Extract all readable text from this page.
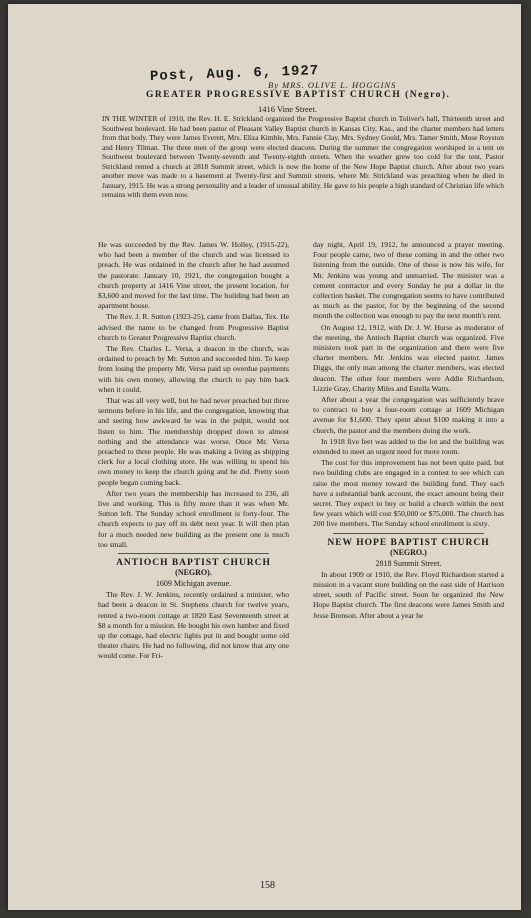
Post, Aug. 6, 1927
By MRS. OLIVE L. HOGGINS
GREATER PROGRESSIVE BAPTIST CHURCH (Negro).
1416 Vine Street.

IN THE WINTER of 1910, the Rev. H. E. Strickland organized the Progressive Baptist church in Toliver's hall, Thirteenth street and Southwest boulevard. He had been pastor of Pleasant Valley Baptist church in Kansas City, Kas., and the charter members had letters from that body. They were James Everett, Mrs. Eliza Kimble, Mrs. Fannie Clay, Mrs. Sydney Gould, Mrs. Tamer Smith, Mose Royston and Henry Tilman. The three men of the group were elected deacons. During the summer the congregation worshiped in a tent on Southwest boulevard between Twenty-seventh and Twenty-eighth streets. When the weather grew too cold for the tent, Pastor Strickland rented a church at 2818 Summit street, which is now the home of the New Hope Baptist church. After about two years another move was made to a basement at Twenty-first and Summit streets, where Mr. Strickland was preaching when he died in January, 1915. He was a strong personality and a leader of unusual ability. He gave to his people a high standard of Christian life which remains with them even now.

He was succeeded by the Rev. James W. Holley, (1915-22), who had been a member of the church and was licensed to preach. He was ordained in the church after he had assumed the pastorate. January 10, 1921, the congregation bought a church property at 1416 Vine street, the present location, for $3,600 and moved for the last time. The building had been an apartment house.

The Rev. J. R. Sutton (1923-25), came from Dallas, Tex. He advised the name to be changed from Progressive Baptist church to Greater Progressive Baptist church.

The Rev. Charles L. Versa, a deacon in the church, was ordained to preach by Mr. Sutton and succeeded him. To keep from losing the property Mr. Versa paid up overdue payments with his own money, allowing the church to pay him back when it could.

That was all very well, but he had never preached but three sermons before in his life, and the congregation, knowing that and seeing how awkward he was in the pulpit, would not listen to him. The membership dropped down to almost nothing and the attendance was worse. Once Mr. Versa preached to three people. He was making a living as shipping clerk for a local clothing store. He was willing to spend his own money to keep the church going and he did. Pretty soon people began coming back.

After two years the membership has increased to 236, all live and working. This is fifty more than it was when Mr. Sutton left. The Sunday school enrollment is forty-four. The church expects to pay off its debt next year. It will then plan for a much needed new building as the present one is much too small.

ANTIOCH BAPTIST CHURCH
(NEGRO).
1609 Michigan avenue.

The Rev. J. W. Jenkins, recently ordained a minister, who had been a deacon in St. Stephens church for twelve years, rented a two-room cottage at 1820 East Seventeenth street at $8 a month for a mission. He bought his own lumber and fixed up the cottage, had electric lights put in and bought some old theater chairs. He had no following, did not know that any one would come. For Fri-

day night, April 19, 1912, he announced a prayer meeting. Four people came, two of these coming in and the other two listening from the outside. One of these is now his wife, for Mr. Jenkins was young and unmarried. The minister was a cement contractor and every Sunday he put a dollar in the collection basket. The congregation seems to have contributed as much as the pastor, for by the beginning of the second month the collection was enough to pay the next month's rent.

On August 12, 1912, with Dr. J. W. Hurse as moderator of the meeting, the Antioch Baptist church was organized. Five ministers took part in the organization and there were five charter members. Mr. Jenkins was elected pastor. James Diggs, the only man among the charter members, was elected deacon. The other four members were Addie Richardson, Lizzie Gray, Charity Miles and Estella Watts.

After about a year the congregation was sufficiently brave to contract to buy a four-room cottage at 1609 Michigan avenue for $1,600. They spent about $100 making it into a church, the pastor and the members doing the work.

In 1918 five feet was added to the lot and the building was extended to meet an urgent need for more room.

The cost for this improvement has not been quite paid, but two building clubs are engaged in a contest to see which can raise the most money toward the building fund. They each have a substantial bank account, the exact amount being their secret. They expect to buy or build a church within the next few years which will cost $50,000 or $75,000. The church has 200 live members. The Sunday school enrollment is sixty.

NEW HOPE BAPTIST CHURCH
(NEGRO.)
2818 Summit Street.

In about 1909 or 1910, the Rev. Floyd Richardson started a mission in a vacant store building on the east side of Harrison street, south of Pacific street. Soon he organized the New Hope Baptist church. The first deacons were James Smith and Jesse Brenson. After about a year he

158
